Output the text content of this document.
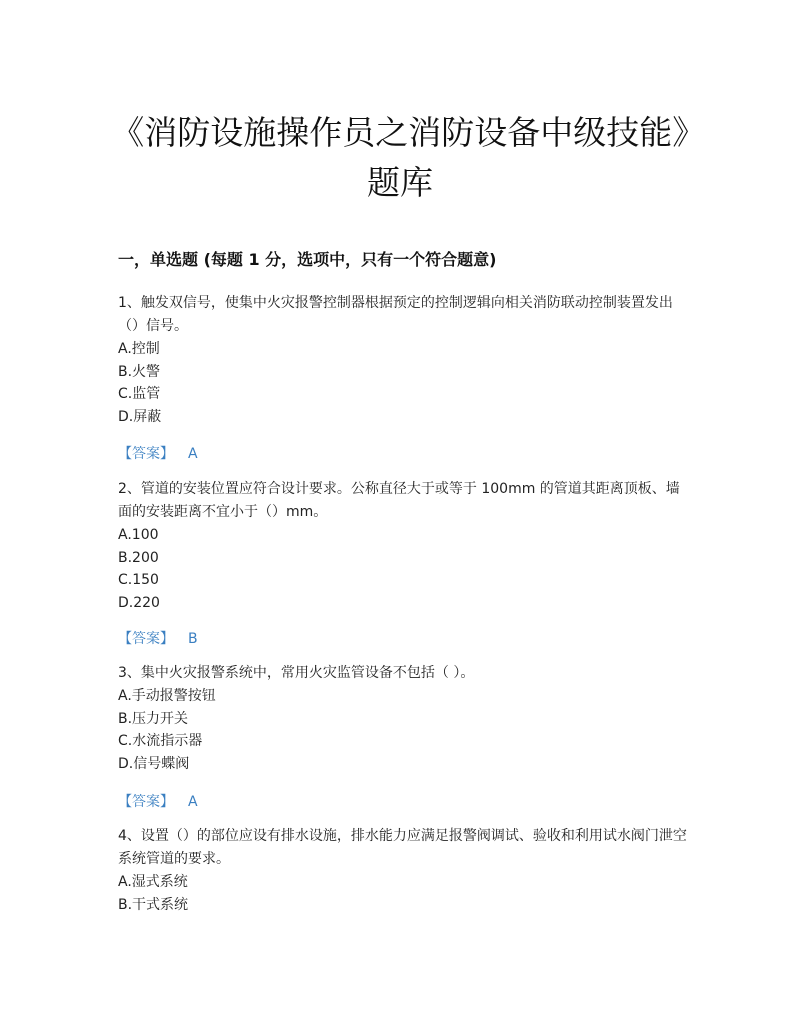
《消防设施操作员之消防设备中级技能》题库
一，单选题 (每题 1 分，选项中，只有一个符合题意)

1、触发双信号，使集中火灾报警控制器根据预定的控制逻辑向相关消防联动控制装置发出（）信号。

A.控制

B.火警

C.监管

D.屏蔽

【答案】 A

2、管道的安装位置应符合设计要求。公称直径大于或等于 100mm 的管道其距离顶板、墙面的安装距离不宜小于（）mm。

A.100

B.200

C.150

D.220

【答案】 B

3、集中火灾报警系统中，常用火灾监管设备不包括（ ）。

A.手动报警按钮

B.压力开关

C.水流指示器

D.信号蝶阀

【答案】 A

4、设置（）的部位应设有排水设施，排水能力应满足报警阀调试、验收和利用试水阀门泄空系统管道的要求。

A.湿式系统

B.干式系统
